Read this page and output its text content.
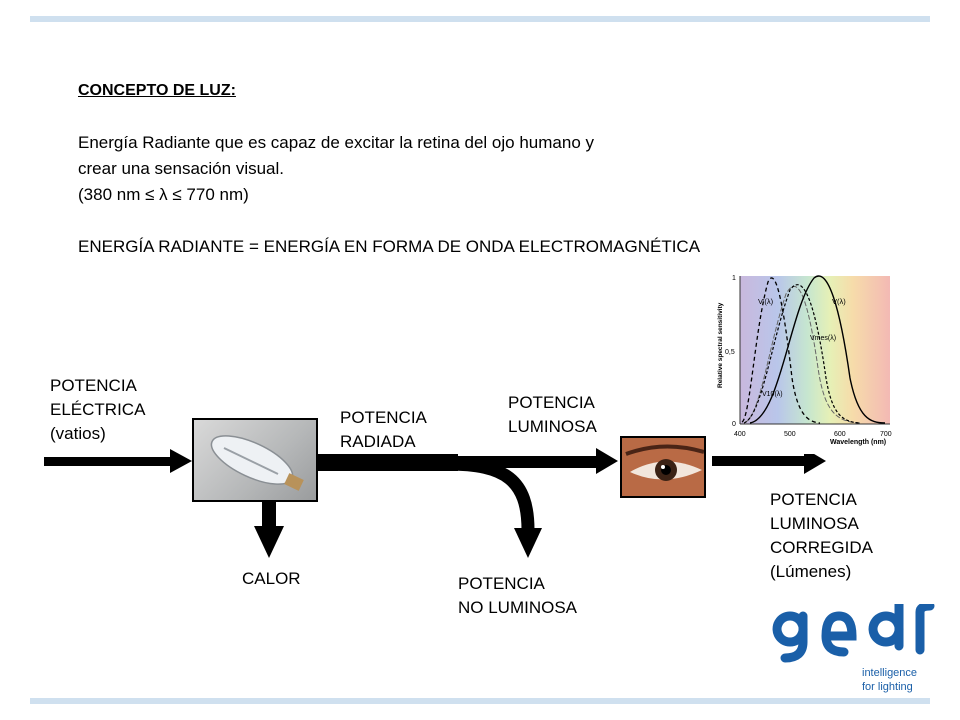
CONCEPTO DE LUZ:
Energía Radiante que es capaz de excitar la retina del ojo humano y
crear una sensación visual.
(380 nm ≤ λ ≤ 770 nm)
ENERGÍA RADIANTE = ENERGÍA EN FORMA DE ONDA ELECTROMAGNÉTICA
POTENCIA
ELÉCTRICA
(vatios)
POTENCIA
RADIADA
CALOR	POTENCIA
NO LUMINOSA
POTENCIA
LUMINOSA
POTENCIA
LUMINOSA
CORREGIDA
(Lúmenes)
Relative spectral sensitivity
1
0,5
0
400	500	600	700
Wavelength (nm)
V'(λ)	V(λ)
Vmes(λ)
V10(λ)
intelligence
for lighting
